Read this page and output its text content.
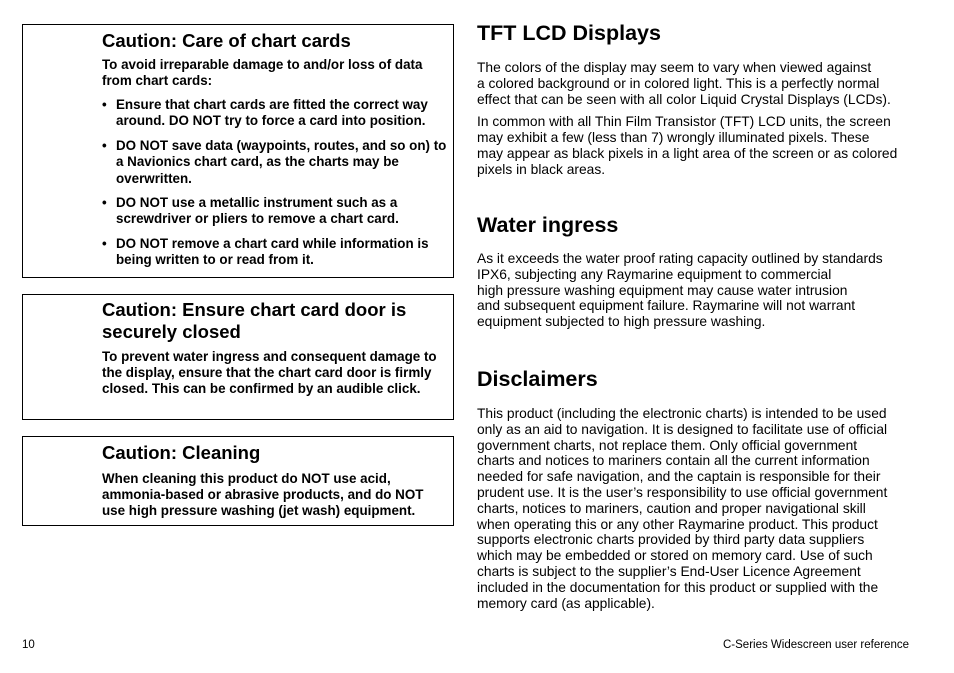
Caution: Care of chart cards

To avoid irreparable damage to and/or loss of data from chart cards:

• Ensure that chart cards are fitted the correct way around. DO NOT try to force a card into position.
• DO NOT save data (waypoints, routes, and so on) to a Navionics chart card, as the charts may be overwritten.
• DO NOT use a metallic instrument such as a screwdriver or pliers to remove a chart card.
• DO NOT remove a chart card while information is being written to or read from it.

Caution: Ensure chart card door is securely closed

To prevent water ingress and consequent damage to the display, ensure that the chart card door is firmly closed. This can be confirmed by an audible click.

Caution: Cleaning

When cleaning this product do NOT use acid, ammonia-based or abrasive products, and do NOT use high pressure washing (jet wash) equipment.

TFT LCD Displays

The colors of the display may seem to vary when viewed against
a colored background or in colored light. This is a perfectly normal
effect that can be seen with all color Liquid Crystal Displays (LCDs).

In common with all Thin Film Transistor (TFT) LCD units, the screen
may exhibit a few (less than 7) wrongly illuminated pixels. These
may appear as black pixels in a light area of the screen or as colored
pixels in black areas.

Water ingress

As it exceeds the water proof rating capacity outlined by standards
IPX6, subjecting any Raymarine equipment to commercial
high pressure washing equipment may cause water intrusion
and subsequent equipment failure. Raymarine will not warrant
equipment subjected to high pressure washing.

Disclaimers

This product (including the electronic charts) is intended to be used
only as an aid to navigation. It is designed to facilitate use of official
government charts, not replace them. Only official government
charts and notices to mariners contain all the current information
needed for safe navigation, and the captain is responsible for their
prudent use. It is the user’s responsibility to use official government
charts, notices to mariners, caution and proper navigational skill
when operating this or any other Raymarine product. This product
supports electronic charts provided by third party data suppliers
which may be embedded or stored on memory card. Use of such
charts is subject to the supplier’s End-User Licence Agreement
included in the documentation for this product or supplied with the
memory card (as applicable).

10	C-Series Widescreen user reference
